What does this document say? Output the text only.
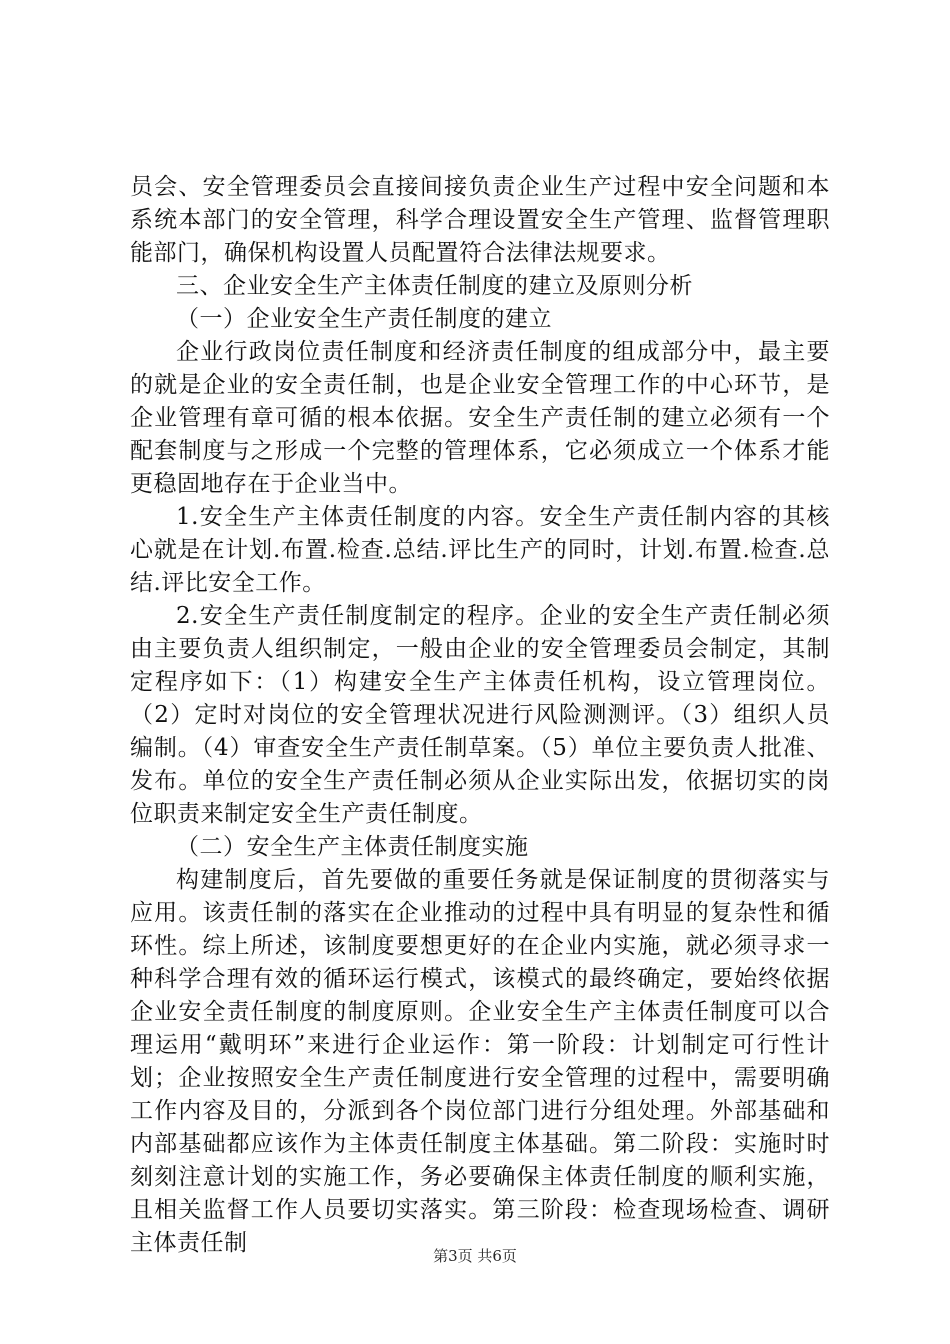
员会、安全管理委员会直接间接负责企业生产过程中安全问题和本系统本部门的安全管理，科学合理设置安全生产管理、监督管理职能部门，确保机构设置人员配置符合法律法规要求。

三、企业安全生产主体责任制度的建立及原则分析

（一）企业安全生产责任制度的建立

企业行政岗位责任制度和经济责任制度的组成部分中，最主要的就是企业的安全责任制，也是企业安全管理工作的中心环节，是企业管理有章可循的根本依据。安全生产责任制的建立必须有一个配套制度与之形成一个完整的管理体系，它必须成立一个体系才能更稳固地存在于企业当中。

1.安全生产主体责任制度的内容。安全生产责任制内容的其核心就是在计划.布置.检查.总结.评比生产的同时，计划.布置.检查.总结.评比安全工作。

2.安全生产责任制度制定的程序。企业的安全生产责任制必须由主要负责人组织制定，一般由企业的安全管理委员会制定，其制定程序如下：（1）构建安全生产主体责任机构，设立管理岗位。（2）定时对岗位的安全管理状况进行风险测测评。（3）组织人员编制。（4）审查安全生产责任制草案。（5）单位主要负责人批准、发布。单位的安全生产责任制必须从企业实际出发，依据切实的岗位职责来制定安全生产责任制度。

（二）安全生产主体责任制度实施

构建制度后，首先要做的重要任务就是保证制度的贯彻落实与应用。该责任制的落实在企业推动的过程中具有明显的复杂性和循环性。综上所述，该制度要想更好的在企业内实施，就必须寻求一种科学合理有效的循环运行模式，该模式的最终确定，要始终依据企业安全责任制度的制度原则。企业安全生产主体责任制度可以合理运用“戴明环”来进行企业运作：第一阶段：计划制定可行性计划；企业按照安全生产责任制度进行安全管理的过程中，需要明确工作内容及目的，分派到各个岗位部门进行分组处理。外部基础和内部基础都应该作为主体责任制度主体基础。第二阶段：实施时时刻刻注意计划的实施工作，务必要确保主体责任制度的顺利实施，且相关监督工作人员要切实落实。第三阶段：检查现场检查、调研主体责任制	第3页 共6页
